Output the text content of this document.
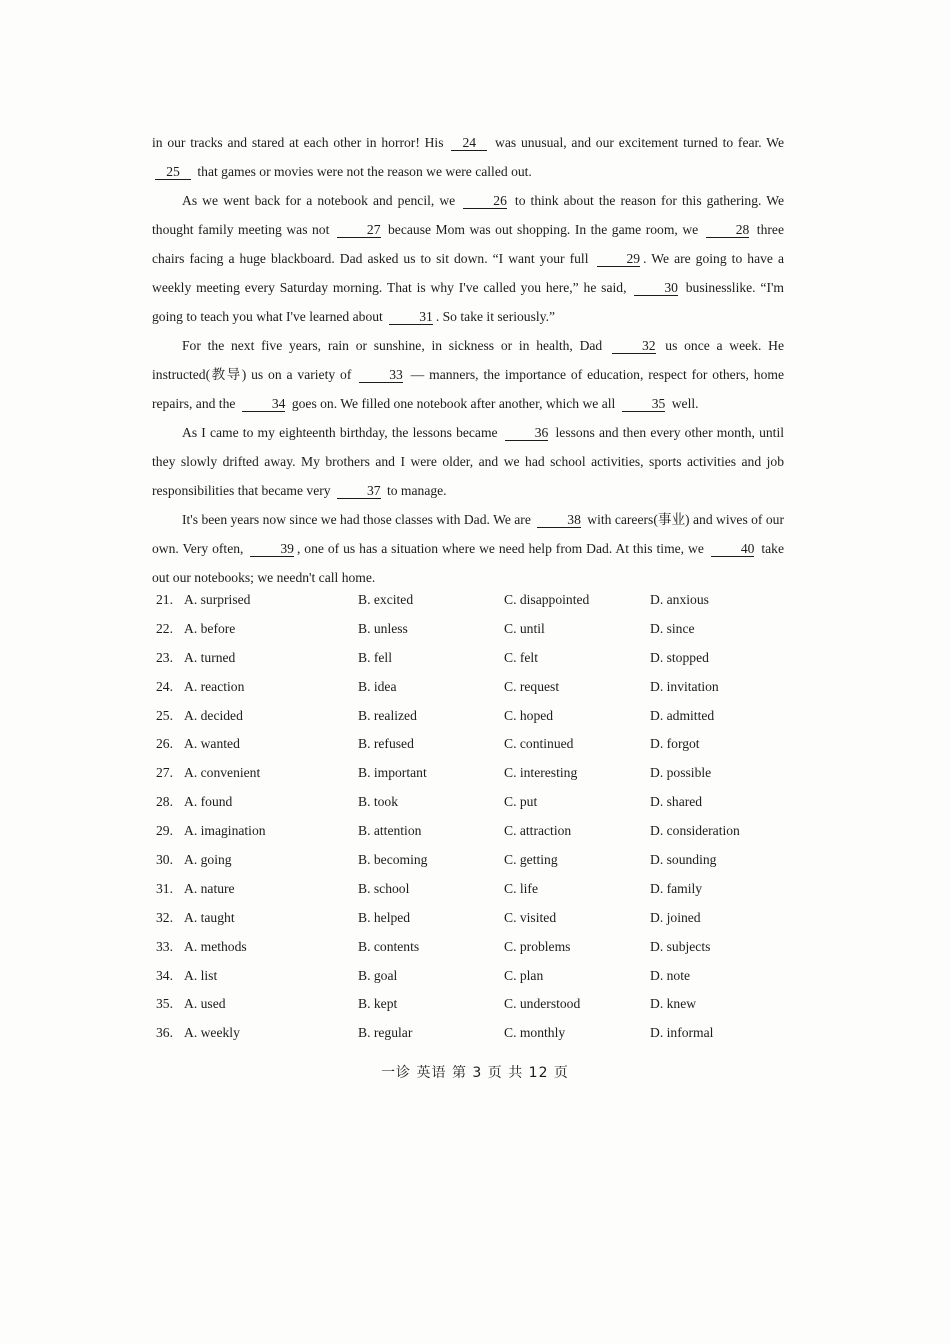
in our tracks and stared at each other in horror! His 24 was unusual, and our excitement turned to fear. We 25 that games or movies were not the reason we were called out.

As we went back for a notebook and pencil, we 26 to think about the reason for this gathering. We thought family meeting was not 27 because Mom was out shopping. In the game room, we 28 three chairs facing a huge blackboard. Dad asked us to sit down. “I want your full 29 . We are going to have a weekly meeting every Saturday morning. That is why I've called you here,” he said, 30 businesslike. “I'm going to teach you what I've learned about 31 . So take it seriously.”

For the next five years, rain or sunshine, in sickness or in health, Dad 32 us once a week. He instructed(教导) us on a variety of 33 — manners, the importance of education, respect for others, home repairs, and the 34 goes on. We filled one notebook after another, which we all 35 well.

As I came to my eighteenth birthday, the lessons became 36 lessons and then every other month, until they slowly drifted away. My brothers and I were older, and we had school activities, sports activities and job responsibilities that became very 37 to manage.

It's been years now since we had those classes with Dad. We are 38 with careers(事业) and wives of our own. Very often, 39 , one of us has a situation where we need help from Dad. At this time, we 40 take out our notebooks; we needn't call home.

21. A. surprised	B. excited	C. disappointed	D. anxious
22. A. before	B. unless	C. until	D. since
23. A. turned	B. fell	C. felt	D. stopped
24. A. reaction	B. idea	C. request	D. invitation
25. A. decided	B. realized	C. hoped	D. admitted
26. A. wanted	B. refused	C. continued	D. forgot
27. A. convenient	B. important	C. interesting	D. possible
28. A. found	B. took	C. put	D. shared
29. A. imagination	B. attention	C. attraction	D. consideration
30. A. going	B. becoming	C. getting	D. sounding
31. A. nature	B. school	C. life	D. family
32. A. taught	B. helped	C. visited	D. joined
33. A. methods	B. contents	C. problems	D. subjects
34. A. list	B. goal	C. plan	D. note
35. A. used	B. kept	C. understood	D. knew
36. A. weekly	B. regular	C. monthly	D. informal
一诊 英语 第 3 页 共 12 页
